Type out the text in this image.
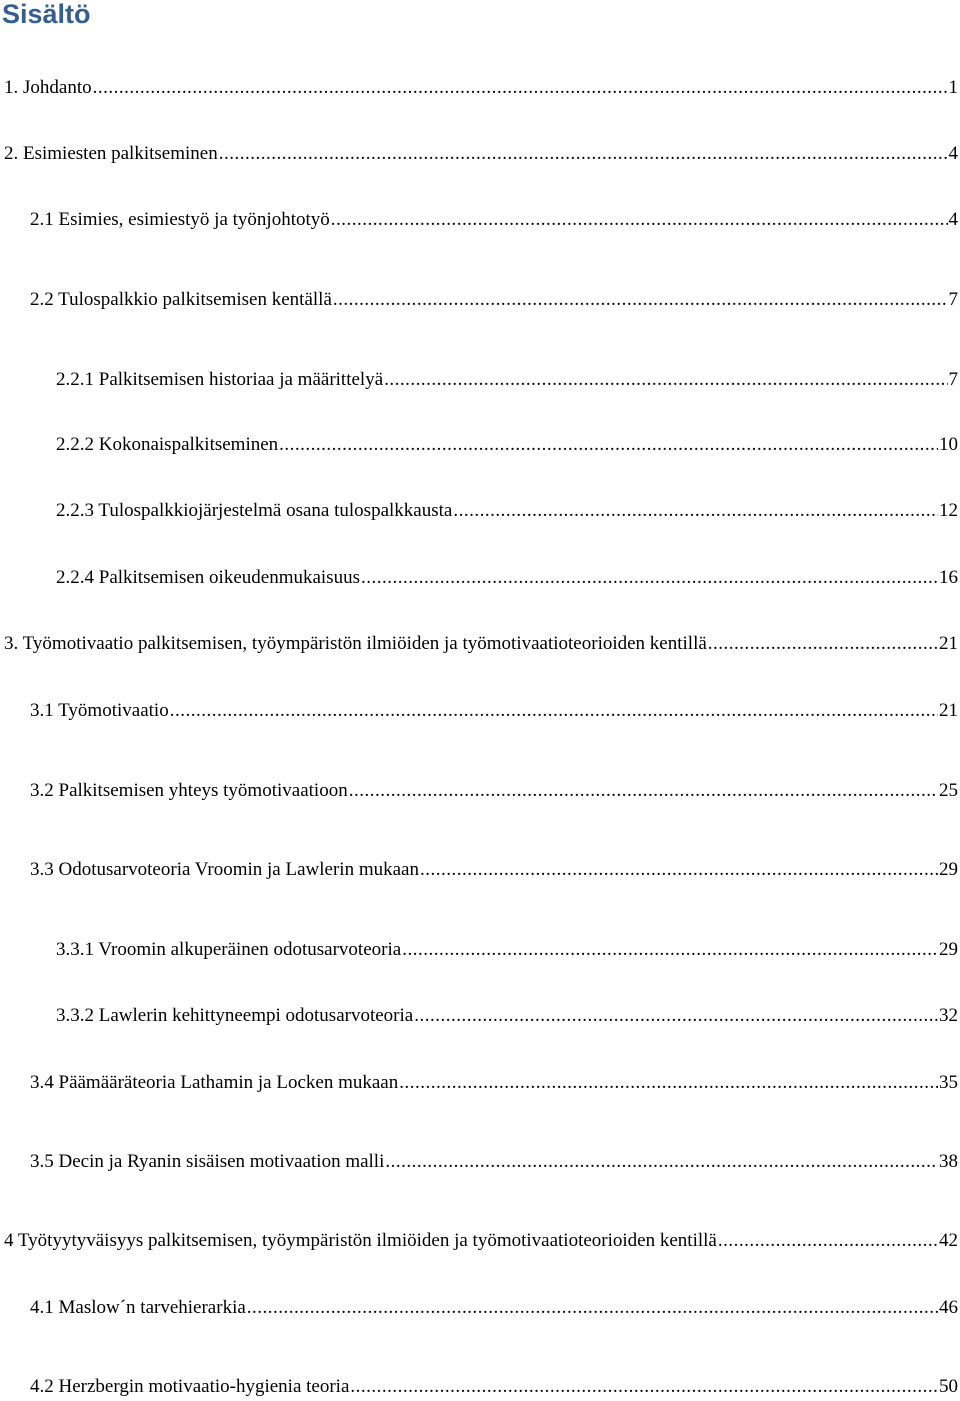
Sisältö
1. Johdanto .....	1
2. Esimiesten palkitseminen .....	4
2.1 Esimies, esimiestyö ja työnjohtotyö .....	4
2.2 Tulospalkkio palkitsemisen kentällä .....	7
2.2.1 Palkitsemisen historiaa ja määrittelyä .....	7
2.2.2 Kokonaispalkitseminen .....	10
2.2.3 Tulospalkkiojärjestelmä osana tulospalkkausta .....	12
2.2.4 Palkitsemisen oikeudenmukaisuus .....	16
3. Työmotivaatio palkitsemisen, työympäristön ilmiöiden ja työmotivaatioteorioiden kentillä .....	21
3.1 Työmotivaatio .....	21
3.2 Palkitsemisen yhteys työmotivaatioon .....	25
3.3 Odotusarvoteoria Vroomin ja Lawlerin mukaan .....	29
3.3.1 Vroomin alkuperäinen odotusarvoteoria .....	29
3.3.2 Lawlerin kehittyneempi odotusarvoteoria .....	32
3.4 Päämääräteoria Lathamin ja Locken mukaan .....	35
3.5 Decin ja Ryanin sisäisen motivaation malli .....	38
4 Työtyytyväisyys palkitsemisen, työympäristön ilmiöiden ja työmotivaatioteorioiden kentillä .....	42
4.1 Maslow´n tarvehierarkia .....	46
4.2 Herzbergin motivaatio-hygienia teoria .....	50
